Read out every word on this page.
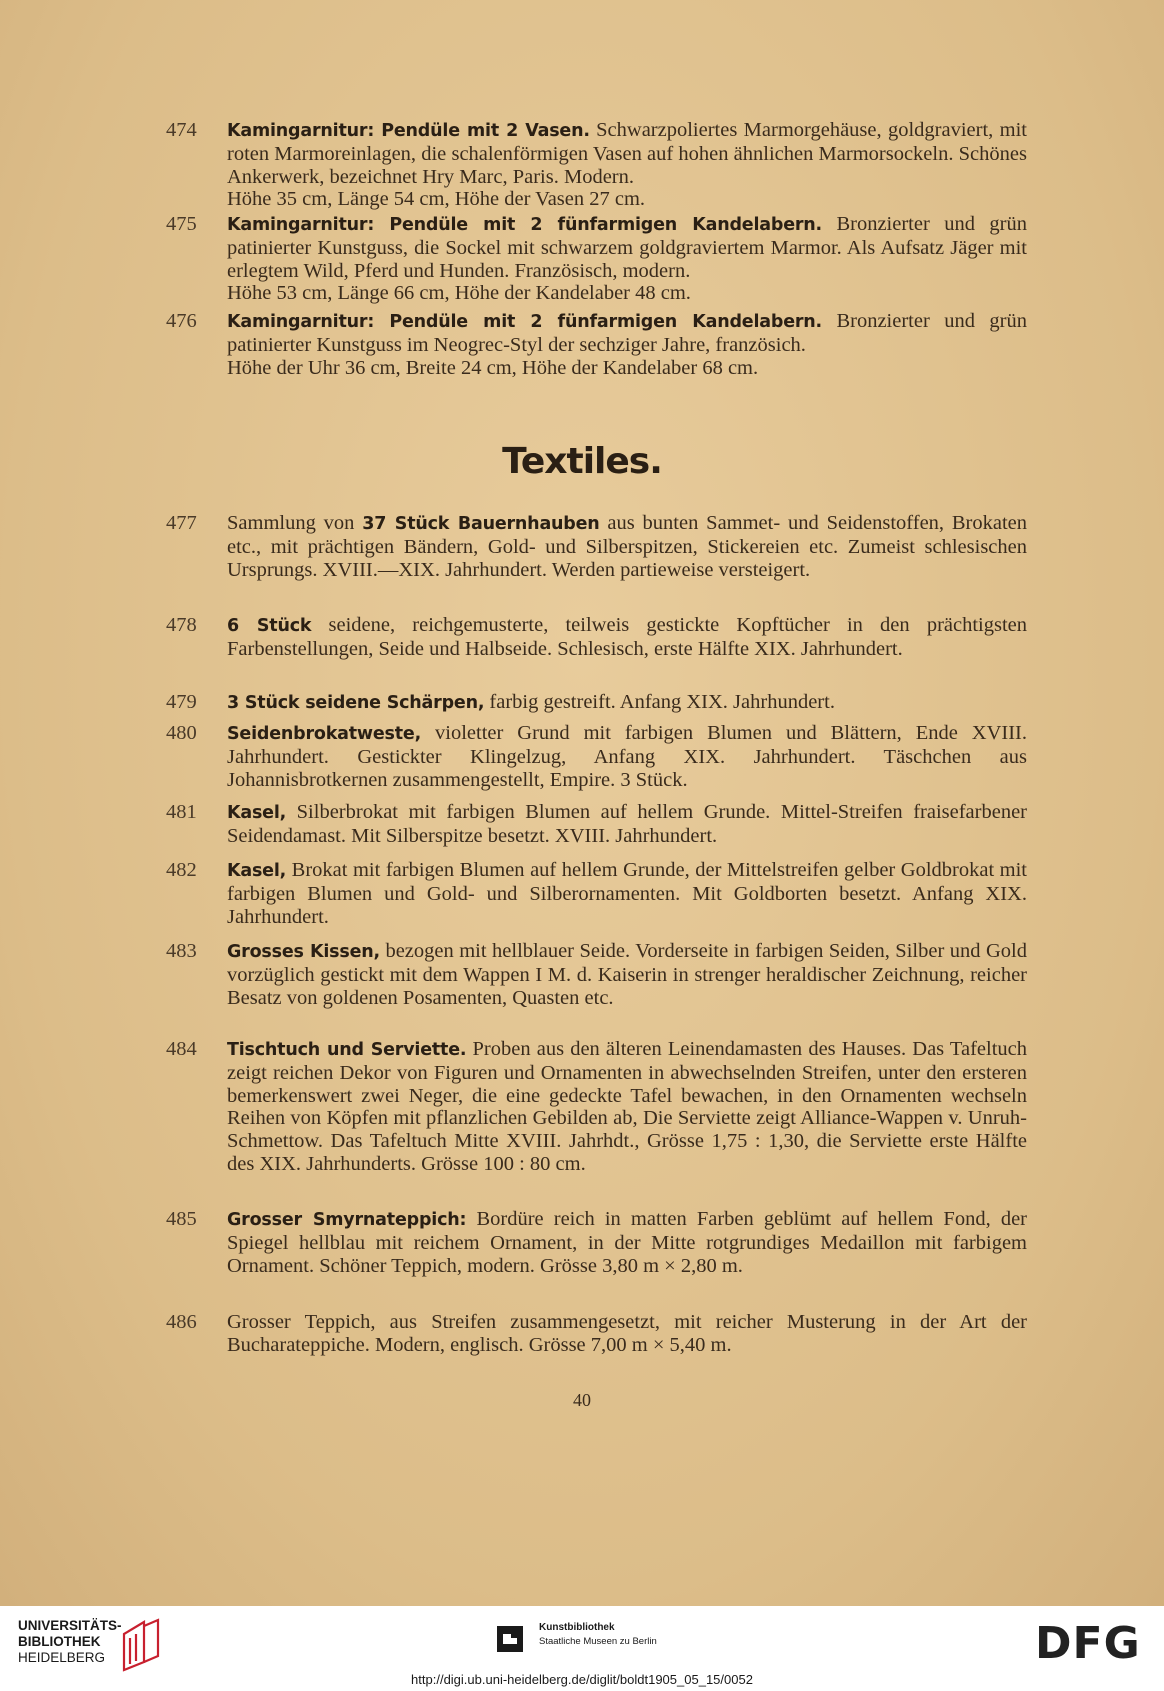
474	Kamingarnitur: Pendüle mit 2 Vasen. Schwarzpoliertes Marmorgehäuse, goldgraviert, mit roten Marmoreinlagen, die schalenförmigen Vasen auf hohen ähnlichen Marmorsockeln. Schönes Ankerwerk, bezeichnet Hry Marc, Paris. Modern.
Höhe 35 cm, Länge 54 cm, Höhe der Vasen 27 cm.
475	Kamingarnitur: Pendüle mit 2 fünfarmigen Kandelabern. Bronzierter und grün patinierter Kunstguss, die Sockel mit schwarzem goldgraviertem Marmor. Als Aufsatz Jäger mit erlegtem Wild, Pferd und Hunden. Französisch, modern.
Höhe 53 cm, Länge 66 cm, Höhe der Kandelaber 48 cm.
476	Kamingarnitur: Pendüle mit 2 fünfarmigen Kandelabern. Bronzierter und grün patinierter Kunstguss im Neogrec-Styl der sechziger Jahre, französich.
Höhe der Uhr 36 cm, Breite 24 cm, Höhe der Kandelaber 68 cm.
477	Sammlung von 37 Stück Bauernhauben aus bunten Sammet- und Seidenstoffen, Brokaten etc., mit prächtigen Bändern, Gold- und Silberspitzen, Stickereien etc. Zumeist schlesischen Ursprungs. XVIII.—XIX. Jahrhundert. Werden partieweise versteigert.
478	6 Stück seidene, reichgemusterte, teilweis gestickte Kopftücher in den prächtigsten Farbenstellungen, Seide und Halbseide. Schlesisch, erste Hälfte XIX. Jahrhundert.
479	3 Stück seidene Schärpen, farbig gestreift. Anfang XIX. Jahrhundert.
480	Seidenbrokatweste, violetter Grund mit farbigen Blumen und Blättern, Ende XVIII. Jahrhundert. Gestickter Klingelzug, Anfang XIX. Jahrhundert. Täschchen aus Johannisbrotkernen zusammengestellt, Empire. 3 Stück.
481	Kasel, Silberbrokat mit farbigen Blumen auf hellem Grunde. Mittel-Streifen fraisefarbener Seidendamast. Mit Silberspitze besetzt. XVIII. Jahrhundert.
482	Kasel, Brokat mit farbigen Blumen auf hellem Grunde, der Mittelstreifen gelber Goldbrokat mit farbigen Blumen und Gold- und Silberornamenten. Mit Goldborten besetzt. Anfang XIX. Jahrhundert.
483	Grosses Kissen, bezogen mit hellblauer Seide. Vorderseite in farbigen Seiden, Silber und Gold vorzüglich gestickt mit dem Wappen I M. d. Kaiserin in strenger heraldischer Zeichnung, reicher Besatz von goldenen Posamenten, Quasten etc.
484	Tischtuch und Serviette. Proben aus den älteren Leinendamasten des Hauses. Das Tafeltuch zeigt reichen Dekor von Figuren und Ornamenten in abwechselnden Streifen, unter den ersteren bemerkenswert zwei Neger, die eine gedeckte Tafel bewachen, in den Ornamenten wechseln Reihen von Köpfen mit pflanzlichen Gebilden ab, Die Serviette zeigt Alliance-Wappen v. Unruh-Schmettow. Das Tafeltuch Mitte XVIII. Jahrhdt., Grösse 1,75 : 1,30, die Serviette erste Hälfte des XIX. Jahrhunderts. Grösse 100 : 80 cm.
485	Grosser Smyrnateppich: Bordüre reich in matten Farben geblümt auf hellem Fond, der Spiegel hellblau mit reichem Ornament, in der Mitte rotgrundiges Medaillon mit farbigem Ornament. Schöner Teppich, modern. Grösse 3,80 m × 2,80 m.
486	Grosser Teppich, aus Streifen zusammengesetzt, mit reicher Musterung in der Art der Bucharateppiche. Modern, englisch. Grösse 7,00 m × 5,40 m.
Textiles.
40
UNIVERSITÄTS-
BIBLIOTHEK
HEIDELBERG
Kunstbibliothek
Staatliche Museen zu Berlin	DFG
http://digi.ub.uni-heidelberg.de/diglit/boldt1905_05_15/0052
